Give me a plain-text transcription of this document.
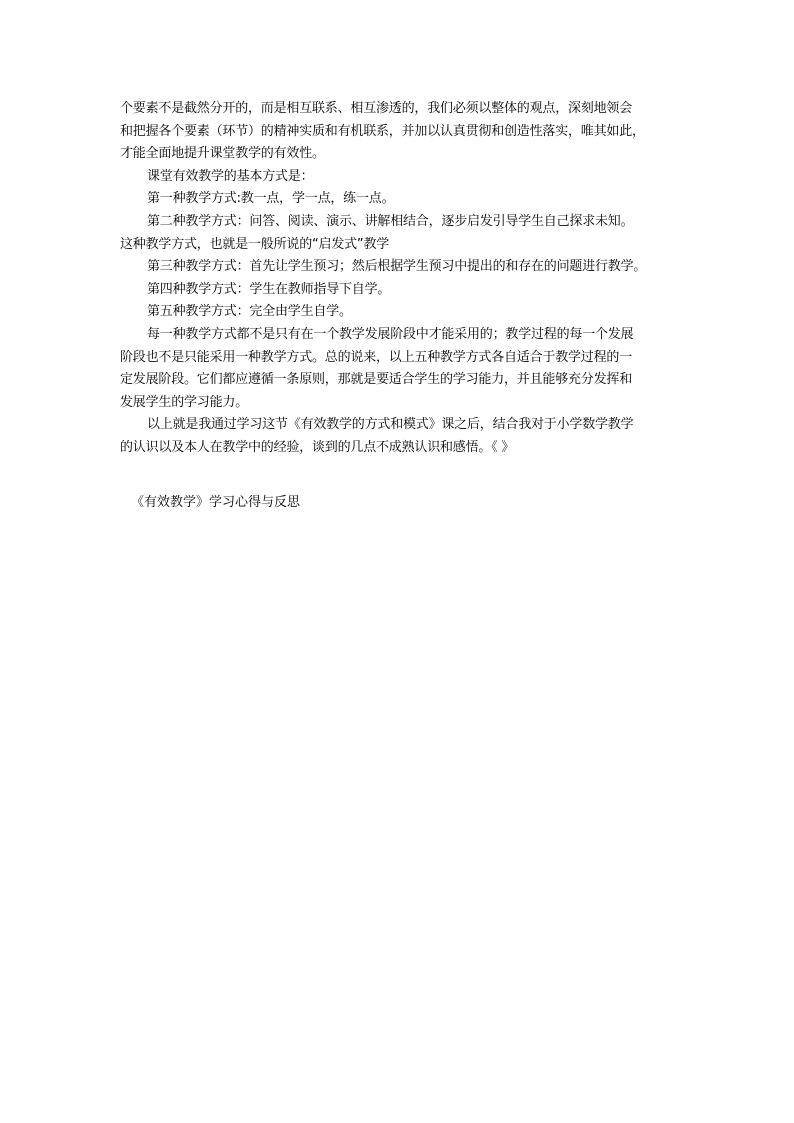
个要素不是截然分开的，而是相互联系、相互渗透的，我们必须以整体的观点，深刻地领会
和把握各个要素（环节）的精神实质和有机联系，并加以认真贯彻和创造性落实，唯其如此，
才能全面地提升课堂教学的有效性。
课堂有效教学的基本方式是：
第一种教学方式:教一点，学一点，练一点。
第二种教学方式：问答、阅读、演示、讲解相结合，逐步启发引导学生自己探求未知。
这种教学方式，也就是一般所说的“启发式”教学
第三种教学方式：首先让学生预习；然后根据学生预习中提出的和存在的问题进行教学。
第四种教学方式：学生在教师指导下自学。
第五种教学方式：完全由学生自学。
每一种教学方式都不是只有在一个教学发展阶段中才能采用的；教学过程的每一个发展
阶段也不是只能采用一种教学方式。总的说来，以上五种教学方式各自适合于教学过程的一
定发展阶段。它们都应遵循一条原则，那就是要适合学生的学习能力，并且能够充分发挥和
发展学生的学习能力。
以上就是我通过学习这节《有效教学的方式和模式》课之后，结合我对于小学数学教学
的认识以及本人在教学中的经验，谈到的几点不成熟认识和感悟。《 》
《有效教学》学习心得与反思
